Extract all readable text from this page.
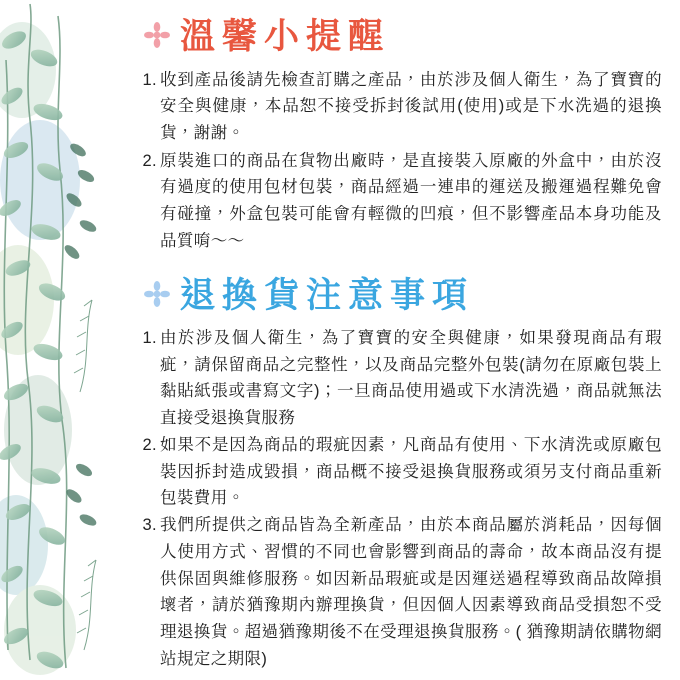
溫馨小提醒
收到產品後請先檢查訂購之產品，由於涉及個人衛生，為了寶寶的安全與健康，本品恕不接受拆封後試用(使用)或是下水洗過的退換貨，謝謝。
原裝進口的商品在貨物出廠時，是直接裝入原廠的外盒中，由於沒有過度的使用包材包裝，商品經過一連串的運送及搬運過程難免會有碰撞，外盒包裝可能會有輕微的凹痕，但不影響產品本身功能及品質唷～～
退換貨注意事項
由於涉及個人衛生，為了寶寶的安全與健康，如果發現商品有瑕疵，請保留商品之完整性，以及商品完整外包裝(請勿在原廠包裝上黏貼紙張或書寫文字)；一旦商品使用過或下水清洗過，商品就無法直接受退換貨服務
如果不是因為商品的瑕疵因素，凡商品有使用、下水清洗或原廠包裝因拆封造成毀損，商品概不接受退換貨服務或須另支付商品重新包裝費用。
我們所提供之商品皆為全新產品，由於本商品屬於消耗品，因每個人使用方式、習慣的不同也會影響到商品的壽命，故本商品沒有提供保固與維修服務。如因新品瑕疵或是因運送過程導致商品故障損壞者，請於猶豫期內辦理換貨，但因個人因素導致商品受損恕不受理退換貨。超過猶豫期後不在受理退換貨服務。( 猶豫期請依購物網站規定之期限)
